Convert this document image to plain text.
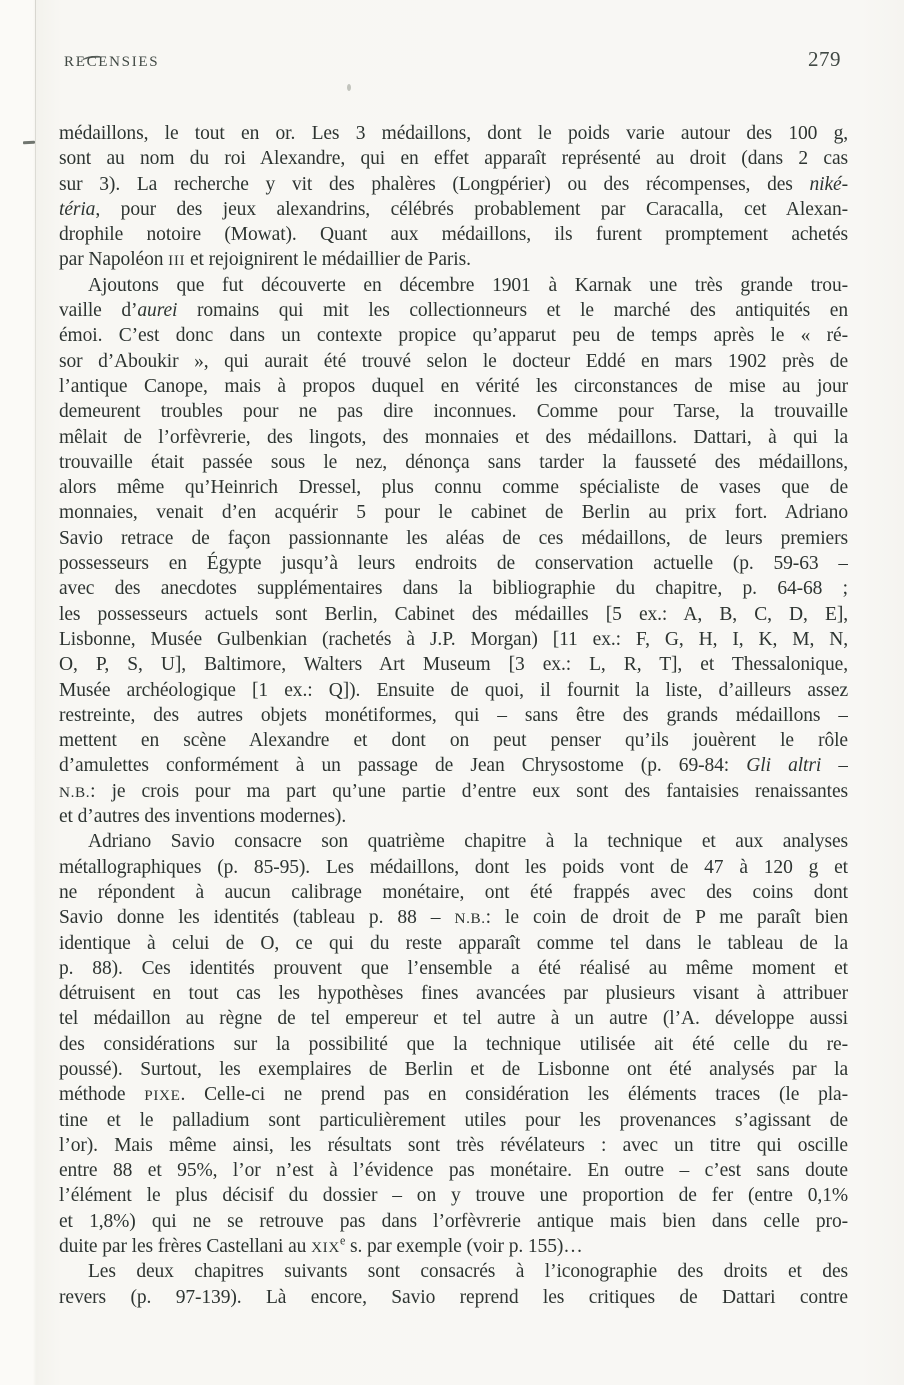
RECENSIES	279
médaillons, le tout en or. Les 3 médaillons, dont le poids varie autour des 100 g,
sont au nom du roi Alexandre, qui en effet apparaît représenté au droit (dans 2 cas
sur 3). La recherche y vit des phalères (Longpérier) ou des récompenses, des niké-
téria, pour des jeux alexandrins, célébrés probablement par Caracalla, cet Alexan-
drophile notoire (Mowat). Quant aux médaillons, ils furent promptement achetés
par Napoléon III et rejoignirent le médaillier de Paris.
Ajoutons que fut découverte en décembre 1901 à Karnak une très grande trou-
vaille d’aurei romains qui mit les collectionneurs et le marché des antiquités en
émoi. C’est donc dans un contexte propice qu’apparut peu de temps après le « ré-
sor d’Aboukir », qui aurait été trouvé selon le docteur Eddé en mars 1902 près de
l’antique Canope, mais à propos duquel en vérité les circonstances de mise au jour
demeurent troubles pour ne pas dire inconnues. Comme pour Tarse, la trouvaille
mêlait de l’orfèvrerie, des lingots, des monnaies et des médaillons. Dattari, à qui la
trouvaille était passée sous le nez, dénonça sans tarder la fausseté des médaillons,
alors même qu’Heinrich Dressel, plus connu comme spécialiste de vases que de
monnaies, venait d’en acquérir 5 pour le cabinet de Berlin au prix fort. Adriano
Savio retrace de façon passionnante les aléas de ces médaillons, de leurs premiers
possesseurs en Égypte jusqu’à leurs endroits de conservation actuelle (p. 59-63 –
avec des anecdotes supplémentaires dans la bibliographie du chapitre, p. 64-68 ;
les possesseurs actuels sont Berlin, Cabinet des médailles [5 ex.: A, B, C, D, E],
Lisbonne, Musée Gulbenkian (rachetés à J.P. Morgan) [11 ex.: F, G, H, I, K, M, N,
O, P, S, U], Baltimore, Walters Art Museum [3 ex.: L, R, T], et Thessalonique,
Musée archéologique [1 ex.: Q]). Ensuite de quoi, il fournit la liste, d’ailleurs assez
restreinte, des autres objets monétiformes, qui – sans être des grands médaillons –
mettent en scène Alexandre et dont on peut penser qu’ils jouèrent le rôle
d’amulettes conformément à un passage de Jean Chrysostome (p. 69-84: Gli altri –
N.B.: je crois pour ma part qu’une partie d’entre eux sont des fantaisies renaissantes
et d’autres des inventions modernes).
Adriano Savio consacre son quatrième chapitre à la technique et aux analyses
métallographiques (p. 85-95). Les médaillons, dont les poids vont de 47 à 120 g et
ne répondent à aucun calibrage monétaire, ont été frappés avec des coins dont
Savio donne les identités (tableau p. 88 – N.B.: le coin de droit de P me paraît bien
identique à celui de O, ce qui du reste apparaît comme tel dans le tableau de la
p. 88). Ces identités prouvent que l’ensemble a été réalisé au même moment et
détruisent en tout cas les hypothèses fines avancées par plusieurs visant à attribuer
tel médaillon au règne de tel empereur et tel autre à un autre (l’A. développe aussi
des considérations sur la possibilité que la technique utilisée ait été celle du re-
poussé). Surtout, les exemplaires de Berlin et de Lisbonne ont été analysés par la
méthode PIXE. Celle-ci ne prend pas en considération les éléments traces (le pla-
tine et le palladium sont particulièrement utiles pour les provenances s’agissant de
l’or). Mais même ainsi, les résultats sont très révélateurs : avec un titre qui oscille
entre 88 et 95%, l’or n’est à l’évidence pas monétaire. En outre – c’est sans doute
l’élément le plus décisif du dossier – on y trouve une proportion de fer (entre 0,1%
et 1,8%) qui ne se retrouve pas dans l’orfèvrerie antique mais bien dans celle pro-
duite par les frères Castellani au XIXe s. par exemple (voir p. 155)…
Les deux chapitres suivants sont consacrés à l’iconographie des droits et des
revers (p. 97-139). Là encore, Savio reprend les critiques de Dattari contre
